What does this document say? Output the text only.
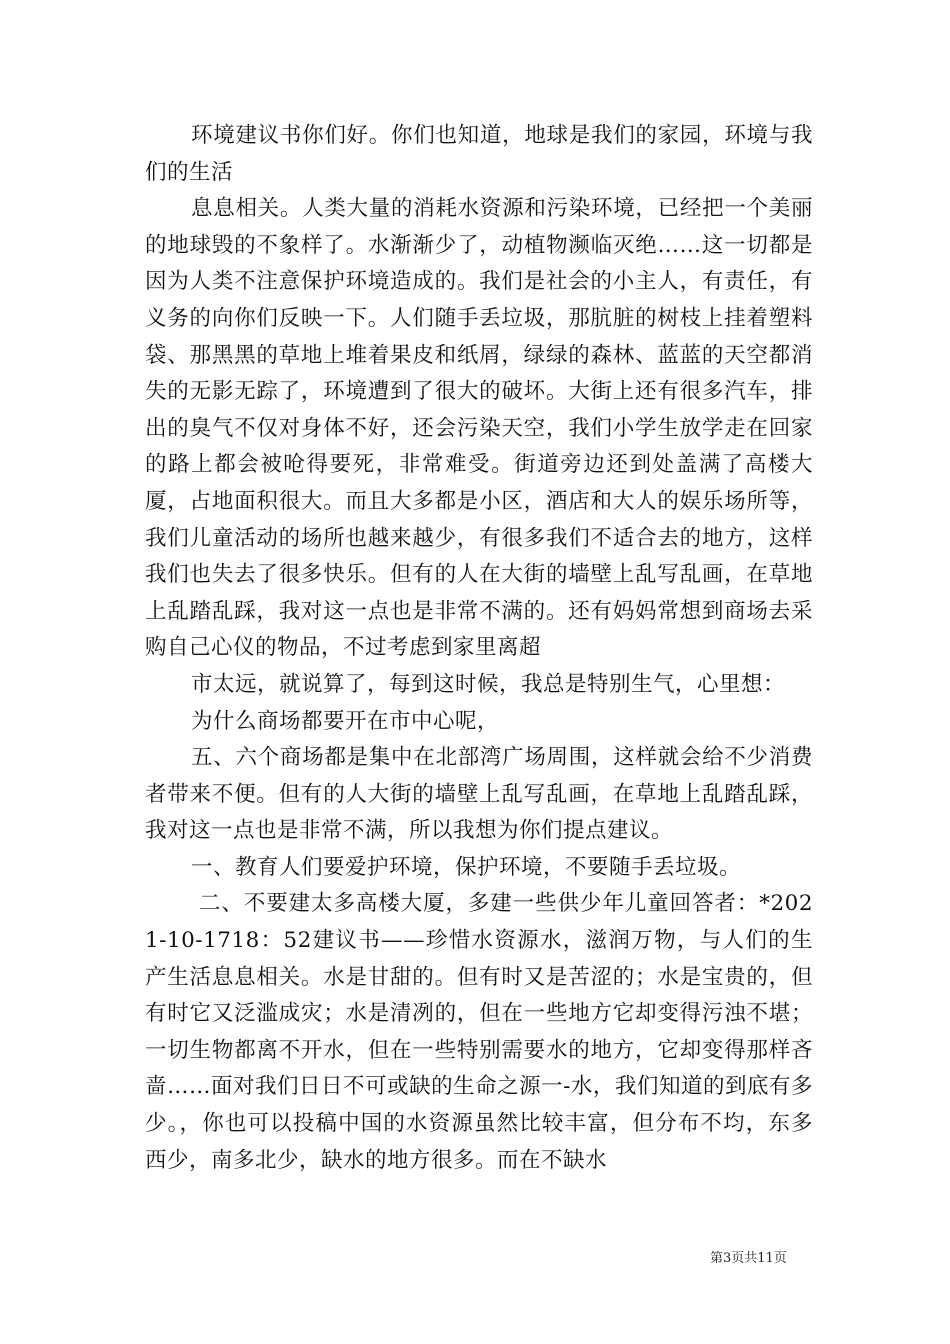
环境建议书你们好。你们也知道，地球是我们的家园，环境与我们的生活

息息相关。人类大量的消耗水资源和污染环境，已经把一个美丽的地球毁的不象样了。水渐渐少了，动植物濒临灭绝……这一切都是因为人类不注意保护环境造成的。我们是社会的小主人，有责任，有义务的向你们反映一下。人们随手丢垃圾，那肮脏的树枝上挂着塑料袋、那黑黑的草地上堆着果皮和纸屑，绿绿的森林、蓝蓝的天空都消失的无影无踪了，环境遭到了很大的破坏。大街上还有很多汽车，排出的臭气不仅对身体不好，还会污染天空，我们小学生放学走在回家的路上都会被呛得要死，非常难受。街道旁边还到处盖满了高楼大厦，占地面积很大。而且大多都是小区，酒店和大人的娱乐场所等，我们儿童活动的场所也越来越少，有很多我们不适合去的地方，这样我们也失去了很多快乐。但有的人在大街的墙壁上乱写乱画，在草地上乱踏乱踩，我对这一点也是非常不满的。还有妈妈常想到商场去采购自己心仪的物品，不过考虑到家里离超

市太远，就说算了，每到这时候，我总是特别生气，心里想：

为什么商场都要开在市中心呢，

五、六个商场都是集中在北部湾广场周围，这样就会给不少消费者带来不便。但有的人大街的墙壁上乱写乱画，在草地上乱踏乱踩，我对这一点也是非常不满，所以我想为你们提点建议。

一、教育人们要爱护环境，保护环境，不要随手丢垃圾。

二、不要建太多高楼大厦，多建一些供少年儿童回答者：*2021-10-1718：52建议书——珍惜水资源水，滋润万物，与人们的生产生活息息相关。水是甘甜的。但有时又是苦涩的；水是宝贵的，但有时它又泛滥成灾；水是清冽的，但在一些地方它却变得污浊不堪；一切生物都离不开水，但在一些特别需要水的地方，它却变得那样吝啬……面对我们日日不可或缺的生命之源一-水，我们知道的到底有多少。，你也可以投稿中国的水资源虽然比较丰富，但分布不均，东多西少，南多北少，缺水的地方很多。而在不缺水

第3页共11页
